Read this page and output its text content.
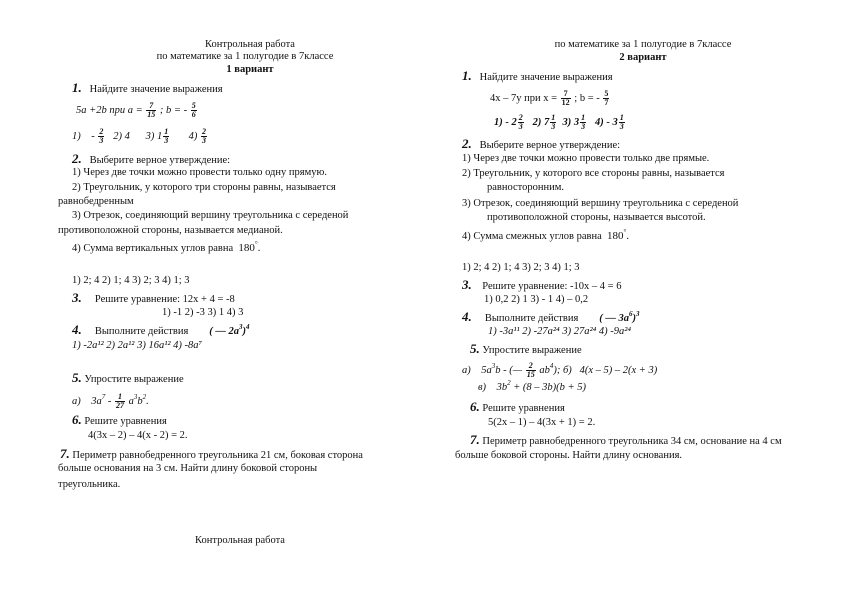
Контрольная работа
по математике за 1 полугодие в 7классе
1 вариант
1. Найдите значение выражения
5a +2b при $a = \frac{7}{15}$ ; b = - $\frac{5}{6}$
$1) - \frac{2}{3} 2$) 4 3) $1 \frac{1}{3} 4) \frac{2}{3}$
2. Выберите верное утверждение:
1) Через две точки можно провести только одну прямую.
2) Треугольник, у которого три стороны равны, называется
равнобедренным
3) Отрезок, соединяющий вершину треугольника с середеной
противоположной стороны, называется медианой.
4) Сумма вертикальных углов равна 180°.
1) 2; 4 2) 1; 4 3) 2; 3 4) 1; 3
3. Решите уравнение: 12x + 4 = -8
1) -1 2) -3 3) 1 4) 3
4. Выполните действия ( — $2a^3)^4$
1) -2a¹² 2) 2a¹² 3) 16a¹² 4) -8a⁷
5. Упростите выражение
а) $3a^7 - \frac{1}{27} a^3b^2$.
6. Решите уравнения
4(3x – 2) – 4(x - 2) = 2.
7. Периметр равнобедренного треугольника 21 см, боковая сторона
больше основания на 3 см. Найти длину боковой стороны
треугольника.
Контрольная работа
по математике за 1 полугодие в 7классе
2 вариант
1. Найдите значение выражения
4x – 7y при $x = \frac{7}{12}$ ; b = - $\frac{5}{7}$
$1) - 2 \frac{2}{3} 2$) $7 \frac{1}{3} 3$) $3 \frac{1}{3} 4) - 3 \frac{1}{3}$
2. Выберите верное утверждение:
1) Через две точки можно провести только две прямые.
2) Треугольник, у которого все стороны равны, называется
равносторонним.
3) Отрезок, соединяющий вершину треугольника с середеной
противоположной стороны, называется высотой.
4) Сумма смежных углов равна 180°.
1) 2; 4 2) 1; 4 3) 2; 3 4) 1; 3
3. Решите уравнение: -10x – 4 = 6
1) 0,2 2) 1 3) - 1 4) – 0,2
4. Выполните действия ( — $3a^6)^3$
1) -3a¹¹ 2) -27a²⁴ 3) 27a²⁴ 4) -9a²⁴
5. Упростите выражение
а) $5a^3b$ - (— $\frac{2}{15} ab^4$); б) 4(x – 5) – 2(x + 3)
в) $3b^2 + (8 - 3b)(b + 5)$
6. Решите уравнения
5(2x – 1) – 4(3x + 1) = 2.
7. Периметр равнобедренного треугольника 34 см, основание на 4 см
больше боковой стороны. Найти длину основания.
